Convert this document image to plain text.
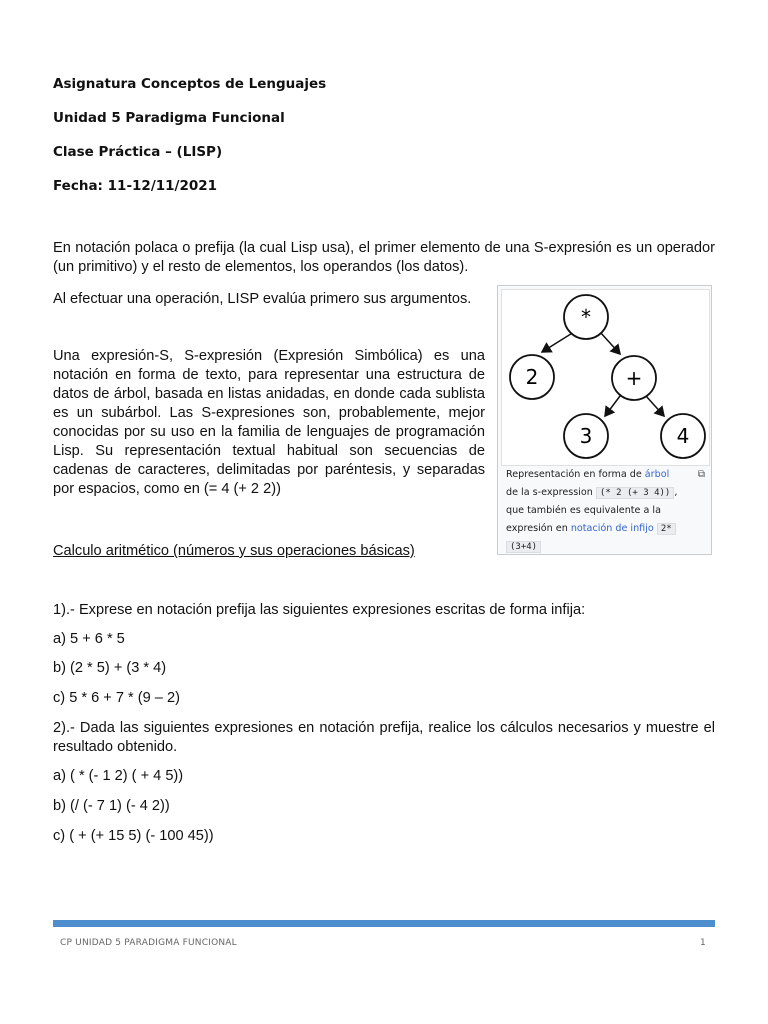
Asignatura Conceptos de Lenguajes
Unidad 5 Paradigma Funcional
Clase Práctica – (LISP)
Fecha: 11-12/11/2021
En notación polaca o prefija (la cual Lisp usa), el primer elemento de una S-expresión es un operador (un primitivo) y el resto de elementos, los operandos (los datos).
Al efectuar una operación, LISP evalúa primero sus argumentos.
Una expresión-S, S-expresión (Expresión Simbólica) es una notación en forma de texto, para representar una estructura de datos de árbol, basada en listas anidadas, en donde cada sublista es un subárbol. Las S-expresiones son, probablemente, mejor conocidas por su uso en la familia de lenguajes de programación Lisp. Su representación textual habitual son secuencias de cadenas de caracteres, delimitadas por paréntesis, y separadas por espacios, como en (= 4 (+ 2 2))
*
2	+
3	4
⧉
Representación en forma de árbol
de la s-expression (* 2 (+ 3 4)) ,
que también es equivalente a la
expresión en notación de infijo 2*
(3+4)
Calculo aritmético (números y sus operaciones básicas)
1).- Exprese en notación prefija las siguientes expresiones escritas de forma infija:
a) 5 + 6 * 5
b) (2 * 5) + (3 * 4)
c) 5 * 6 + 7 * (9 – 2)
2).- Dada las siguientes expresiones en notación prefija, realice los cálculos necesarios y muestre el resultado obtenido.
a) ( * (- 1 2) ( + 4 5))
b) (/ (- 7 1) (- 4 2))
c) ( + (+ 15 5) (- 100 45))
CP UNIDAD 5 PARADIGMA FUNCIONAL	1
